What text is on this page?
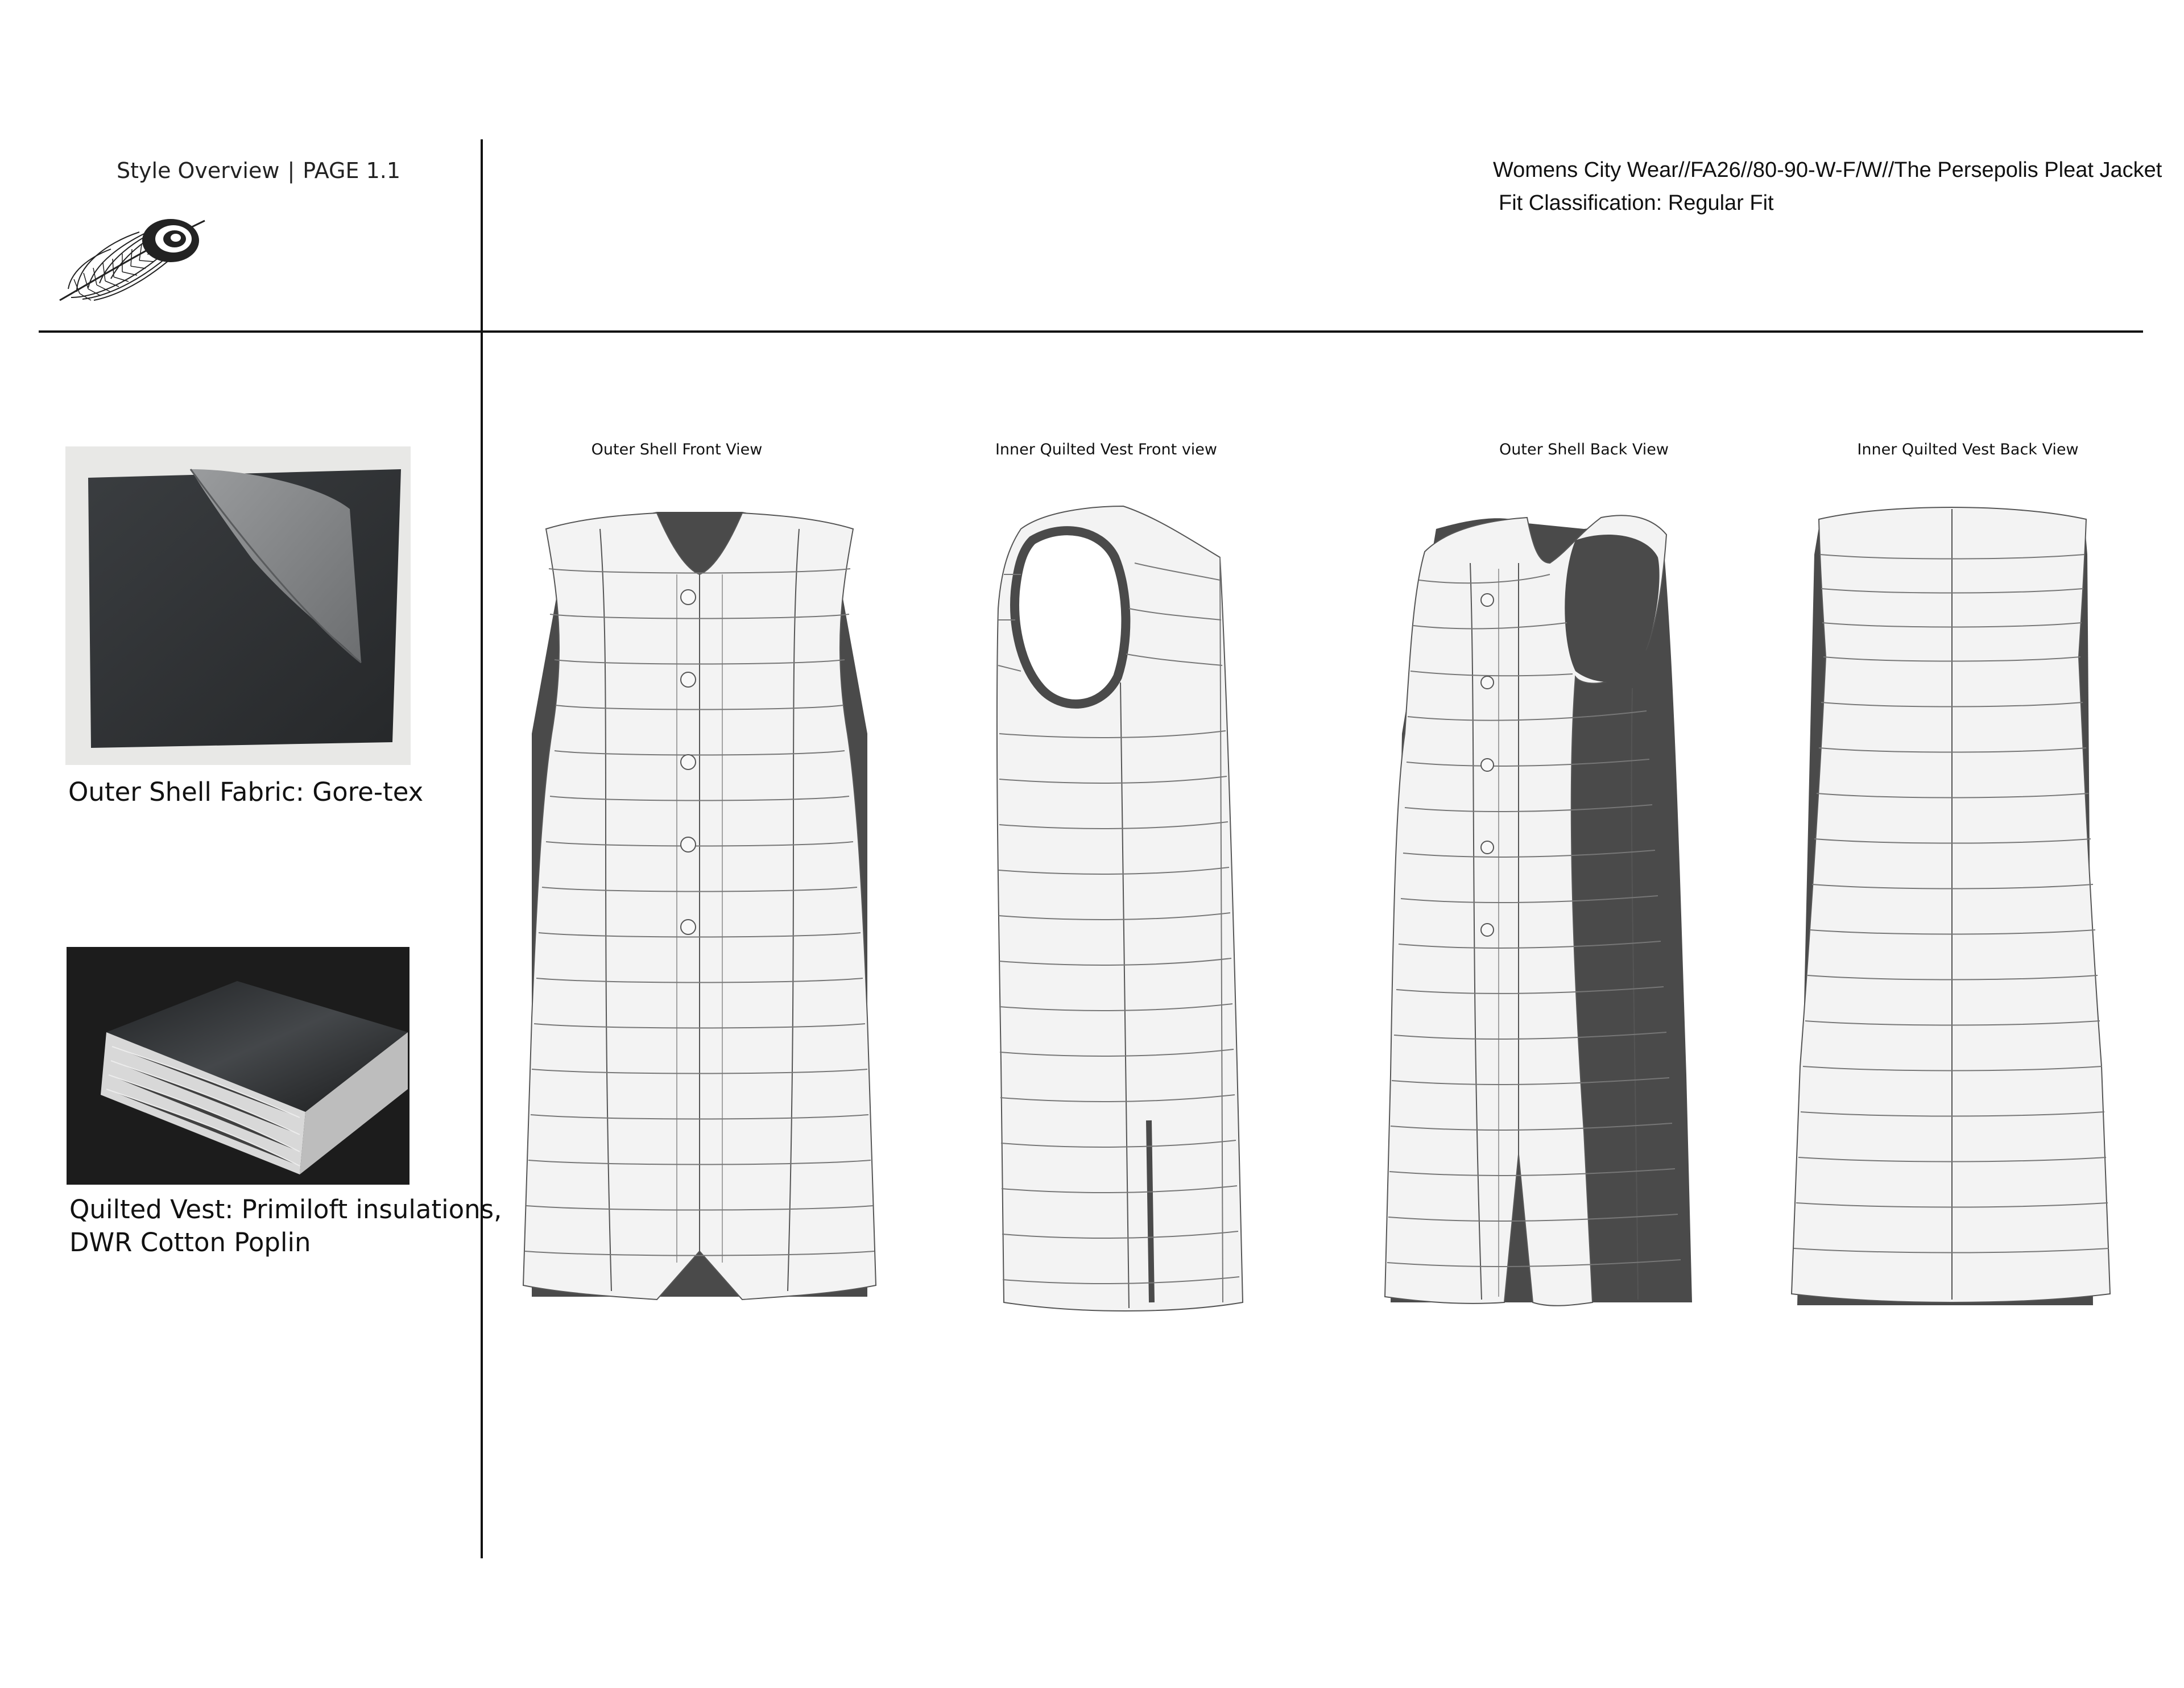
Style Overview | PAGE 1.1	Womens City Wear//FA26//80-90-W-F/W//The Persepolis Pleat Jacket
Fit Classification: Regular Fit
Outer Shell Fabric: Gore-tex
Quilted Vest: Primiloft insulations,
DWR Cotton Poplin
Outer Shell Front View	Inner Quilted Vest Front view	Outer Shell Back View	Inner Quilted Vest Back View
